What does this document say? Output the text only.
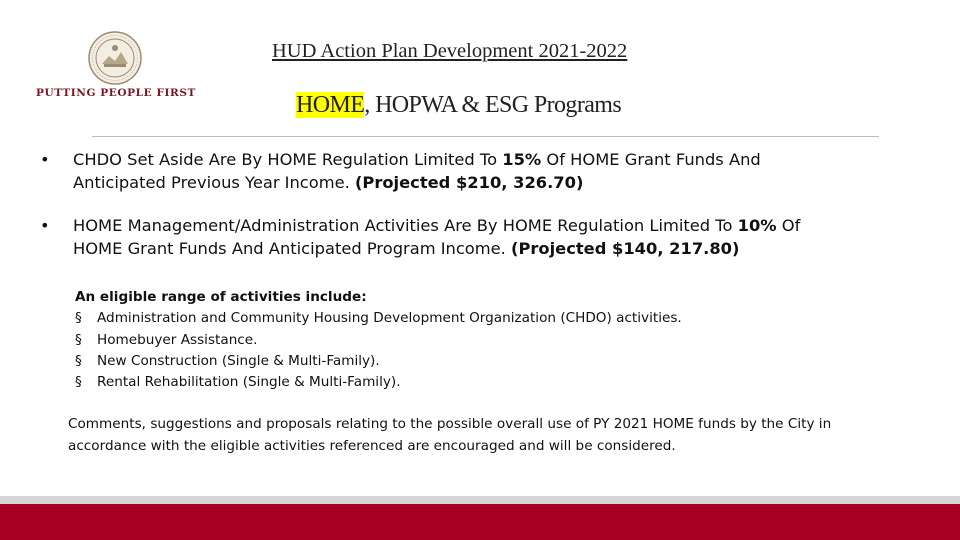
PUTTING PEOPLE FIRST
HUD Action Plan Development 2021-2022
HOME, HOPWA & ESG Programs
• CHDO Set Aside Are By HOME Regulation Limited To 15% Of HOME Grant Funds And
Anticipated Previous Year Income. (Projected $210, 326.70)
• HOME Management/Administration Activities Are By HOME Regulation Limited To 10% Of
HOME Grant Funds And Anticipated Program Income. (Projected $140, 217.80)
An eligible range of activities include:
§	Administration and Community Housing Development Organization (CHDO) activities.
§	Homebuyer Assistance.
§	New Construction (Single & Multi-Family).
§	Rental Rehabilitation (Single & Multi-Family).
Comments, suggestions and proposals relating to the possible overall use of PY 2021 HOME funds by the City in
accordance with the eligible activities referenced are encouraged and will be considered.
